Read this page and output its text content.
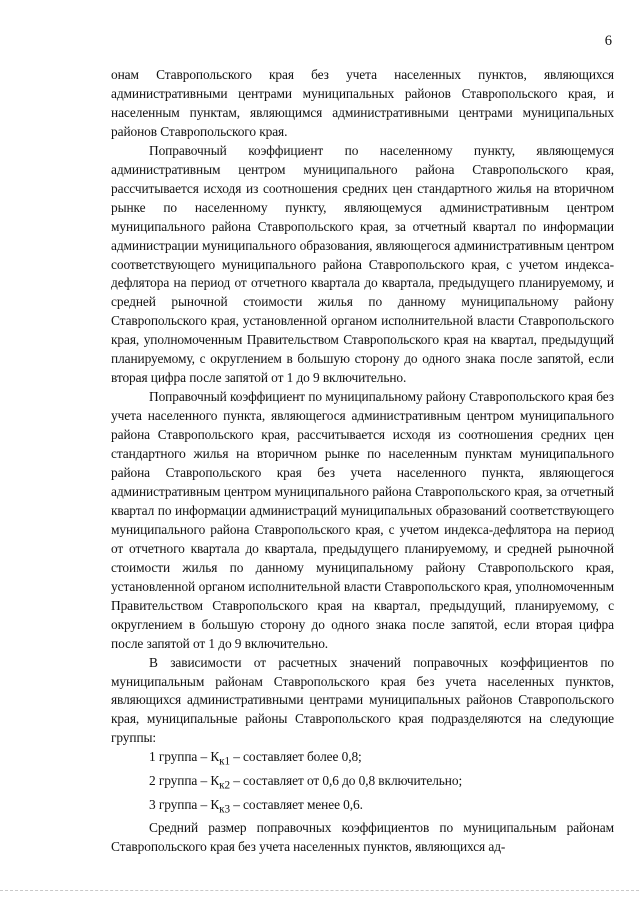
6

онам Ставропольского края без учета населенных пунктов, являющихся административными центрами муниципальных районов Ставропольского края, и населенным пунктам, являющимся административными центрами муниципальных районов Ставропольского края.

Поправочный коэффициент по населенному пункту, являющемуся административным центром муниципального района Ставропольского края, рассчитывается исходя из соотношения средних цен стандартного жилья на вторичном рынке по населенному пункту, являющемуся административным центром муниципального района Ставропольского края, за отчетный квартал по информации администрации муниципального образования, являющегося административным центром соответствующего муниципального района Ставропольского края, с учетом индекса-дефлятора на период от отчетного квартала до квартала, предыдущего планируемому, и средней рыночной стоимости жилья по данному муниципальному району Ставропольского края, установленной органом исполнительной власти Ставропольского края, уполномоченным Правительством Ставропольского края на квартал, предыдущий планируемому, с округлением в большую сторону до одного знака после запятой, если вторая цифра после запятой от 1 до 9 включительно.

Поправочный коэффициент по муниципальному району Ставропольского края без учета населенного пункта, являющегося административным центром муниципального района Ставропольского края, рассчитывается исходя из соотношения средних цен стандартного жилья на вторичном рынке по населенным пунктам муниципального района Ставропольского края без учета населенного пункта, являющегося административным центром муниципального района Ставропольского края, за отчетный квартал по информации администраций муниципальных образований соответствующего муниципального района Ставропольского края, с учетом индекса-дефлятора на период от отчетного квартала до квартала, предыдущего планируемому, и средней рыночной стоимости жилья по данному муниципальному району Ставропольского края, установленной органом исполнительной власти Ставропольского края, уполномоченным Правительством Ставропольского края на квартал, предыдущий, планируемому, с округлением в большую сторону до одного знака после запятой, если вторая цифра после запятой от 1 до 9 включительно.

В зависимости от расчетных значений поправочных коэффициентов по муниципальным районам Ставропольского края без учета населенных пунктов, являющихся административными центрами муниципальных районов Ставропольского края, муниципальные районы Ставропольского края подразделяются на следующие группы:

1 группа – $К_{к1}$ – составляет более 0,8;
2 группа – $К_{к2}$ – составляет от 0,6 до 0,8 включительно;
3 группа – $К_{к3}$ – составляет менее 0,6.

Средний размер поправочных коэффициентов по муниципальным районам Ставропольского края без учета населенных пунктов, являющихся ад-
